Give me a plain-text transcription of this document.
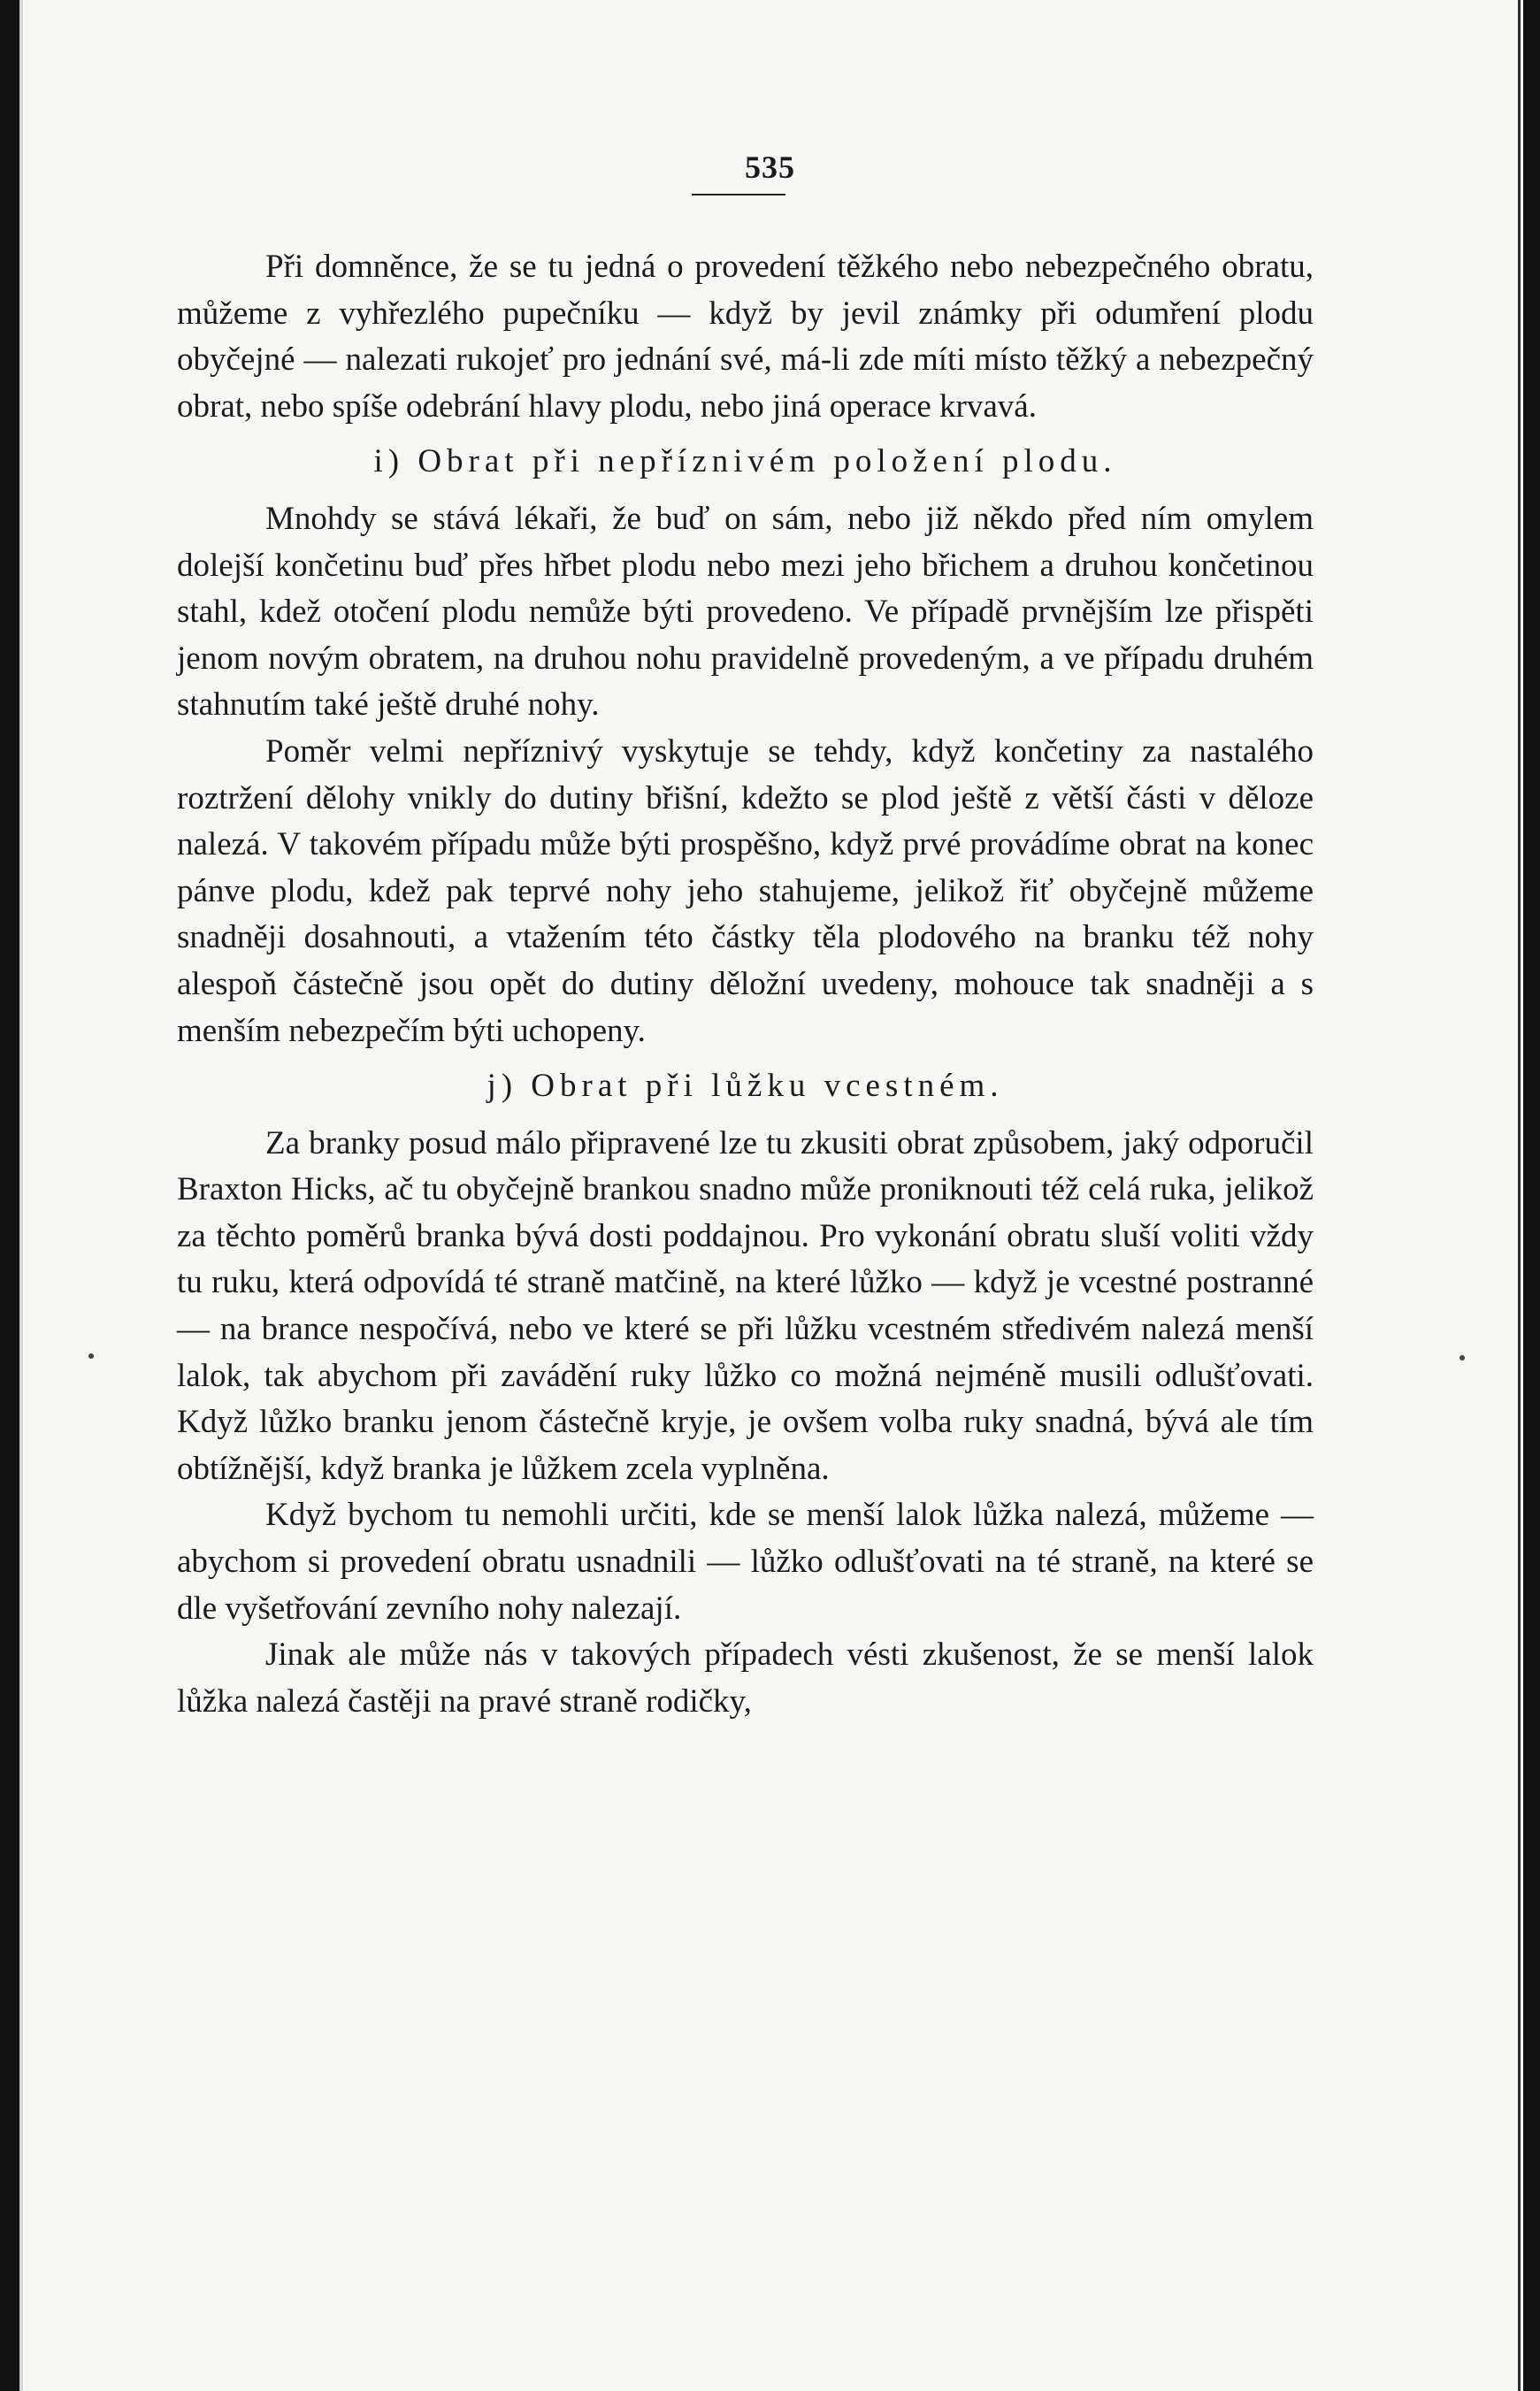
535

Při domněnce, že se tu jedná o provedení těžkého nebo nebezpečného obratu, můžeme z vyhřezlého pupečníku — když by jevil známky při odumření plodu obyčejné — nalezati rukojeť pro jednání své, má-li zde míti místo těžký a nebezpečný obrat, nebo spíše odebrání hlavy plodu, nebo jiná operace krvavá.

i) Obrat při nepříznivém položení plodu.

Mnohdy se stává lékaři, že buď on sám, nebo již někdo před ním omylem dolejší končetinu buď přes hřbet plodu nebo mezi jeho břichem a druhou končetinou stahl, kdež otočení plodu nemůže býti provedeno. Ve případě prvnějším lze přispěti jenom novým obratem, na druhou nohu pravidelně provedeným, a ve případu druhém stahnutím také ještě druhé nohy.

Poměr velmi nepříznivý vyskytuje se tehdy, když končetiny za nastalého roztržení dělohy vnikly do dutiny břišní, kdežto se plod ještě z větší části v děloze nalezá. V takovém případu může býti prospěšno, když prvé provádíme obrat na konec pánve plodu, kdež pak teprvé nohy jeho stahujeme, jelikož řiť obyčejně můžeme snadněji dosahnouti, a vtažením této částky těla plodového na branku též nohy alespoň částečně jsou opět do dutiny děložní uvedeny, mohouce tak snadněji a s menším nebezpečím býti uchopeny.

j) Obrat při lůžku vcestném.

Za branky posud málo připravené lze tu zkusiti obrat způsobem, jaký odporučil Braxton Hicks, ač tu obyčejně brankou snadno může proniknouti též celá ruka, jelikož za těchto poměrů branka bývá dosti poddajnou. Pro vykonání obratu sluší voliti vždy tu ruku, která odpovídá té straně matčině, na které lůžko — když je vcestné postranné — na brance nespočívá, nebo ve které se při lůžku vcestném středivém nalezá menší lalok, tak abychom při zavádění ruky lůžko co možná nejméně musili odlušťovati. Když lůžko branku jenom částečně kryje, je ovšem volba ruky snadná, bývá ale tím obtížnější, když branka je lůžkem zcela vyplněna.

Když bychom tu nemohli určiti, kde se menší lalok lůžka nalezá, můžeme — abychom si provedení obratu usnadnili — lůžko odlušťovati na té straně, na které se dle vyšetřování zevního nohy nalezají.

Jinak ale může nás v takových případech vésti zkušenost, že se menší lalok lůžka nalezá častěji na pravé straně rodičky,
